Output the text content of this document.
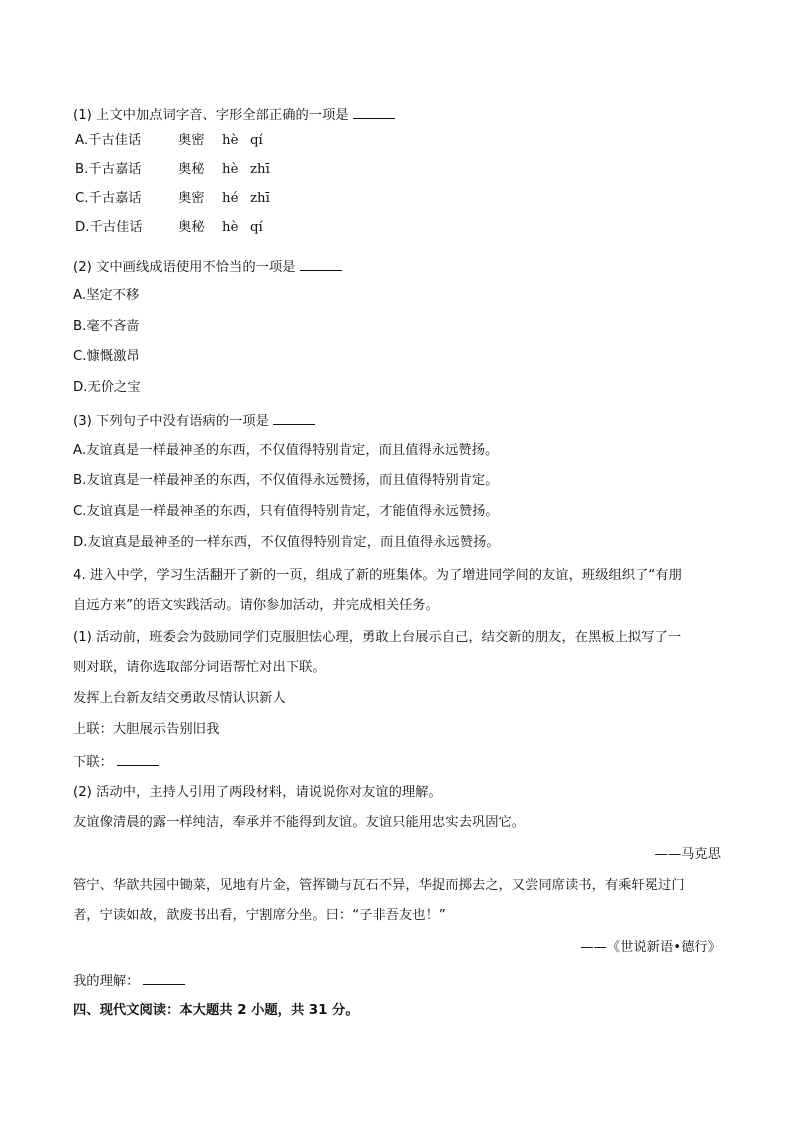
(1) 上文中加点词字音、字形全部正确的一项是
A.千古佳话	奥密 hè qí
B.千古嘉话	奥秘 hè zhī
C.千古嘉话	奥密 hé zhī
D.千古佳话	奥秘 hè qí
(2) 文中画线成语使用不恰当的一项是
A.坚定不移
B.毫不吝啬
C.慷慨激昂
D.无价之宝
(3) 下列句子中没有语病的一项是
A.友谊真是一样最神圣的东西，不仅值得特别肯定，而且值得永远赞扬。
B.友谊真是一样最神圣的东西，不仅值得永远赞扬，而且值得特别肯定。
C.友谊真是一样最神圣的东西，只有值得特别肯定，才能值得永远赞扬。
D.友谊真是最神圣的一样东西，不仅值得特别肯定，而且值得永远赞扬。
4. 进入中学，学习生活翻开了新的一页，组成了新的班集体。为了增进同学间的友谊，班级组织了“有朋
自远方来”的语文实践活动。请你参加活动，并完成相关任务。
(1) 活动前，班委会为鼓励同学们克服胆怯心理，勇敢上台展示自己，结交新的朋友，在黑板上拟写了一
则对联，请你选取部分词语帮忙对出下联。
发挥上台新友结交勇敢尽情认识新人
上联：大胆展示告别旧我
下联：
(2) 活动中，主持人引用了两段材料，请说说你对友谊的理解。
友谊像清晨的露一样纯洁，奉承并不能得到友谊。友谊只能用忠实去巩固它。
——马克思
管宁、华歆共园中锄菜，见地有片金，管挥锄与瓦石不异，华捉而掷去之，又尝同席读书，有乘轩冕过门
者，宁读如故，歆废书出看，宁割席分坐。曰：“子非吾友也！”
——《世说新语•德行》
我的理解：
四、现代文阅读：本大题共 2 小题，共 31 分。
